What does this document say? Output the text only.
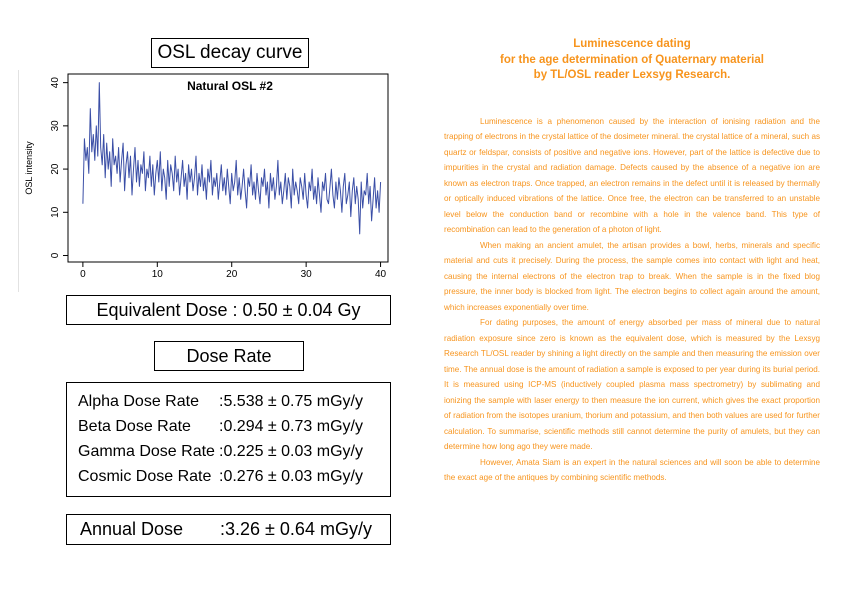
OSL decay curve
0	10	20	30	40
0
10
20
30
40
OSL intensity
Natural OSL #2
Equivalent Dose : 0.50 ± 0.04 Gy
Dose Rate
Alpha Dose Rate :5.538 ± 0.75 mGy/y
Beta Dose Rate :0.294 ± 0.73 mGy/y
Gamma Dose Rate :0.225 ± 0.03 mGy/y
Cosmic Dose Rate :0.276 ± 0.03 mGy/y
Annual Dose :3.26 ± 0.64 mGy/y
Luminescence dating
for the age determination of Quaternary material
by TL/OSL reader Lexsyg Research.

Luminescence is a phenomenon caused by the interaction of ionising radiation and the trapping of electrons in the crystal lattice of the dosimeter mineral. the crystal lattice of a mineral, such as quartz or feldspar, consists of positive and negative ions. However, part of the lattice is defective due to impurities in the crystal and radiation damage. Defects caused by the absence of a negative ion are known as electron traps. Once trapped, an electron remains in the defect until it is released by thermally or optically induced vibrations of the lattice. Once free, the electron can be transferred to an unstable level below the conduction band or recombine with a hole in the valence band. This type of recombination can lead to the generation of a photon of light.

When making an ancient amulet, the artisan provides a bowl, herbs, minerals and specific material and cuts it precisely. During the process, the sample comes into contact with light and heat, causing the internal electrons of the electron trap to break. When the sample is in the fixed blog pressure, the inner body is blocked from light. The electron begins to collect again around the amount, which increases exponentially over time.

For dating purposes, the amount of energy absorbed per mass of mineral due to natural radiation exposure since zero is known as the equivalent dose, which is measured by the Lexsyg Research TL/OSL reader by shining a light directly on the sample and then measuring the emission over time. The annual dose is the amount of radiation a sample is exposed to per year during its burial period. It is measured using ICP-MS (inductively coupled plasma mass spectrometry) by sublimating and ionizing the sample with laser energy to then measure the ion current, which gives the exact proportion of radiation from the isotopes uranium, thorium and potassium, and then both values are used for further calculation. To summarise, scientific methods still cannot determine the purity of amulets, but they can determine how long ago they were made.

However, Amata Siam is an expert in the natural sciences and will soon be able to determine the exact age of the antiques by combining scientific methods.
